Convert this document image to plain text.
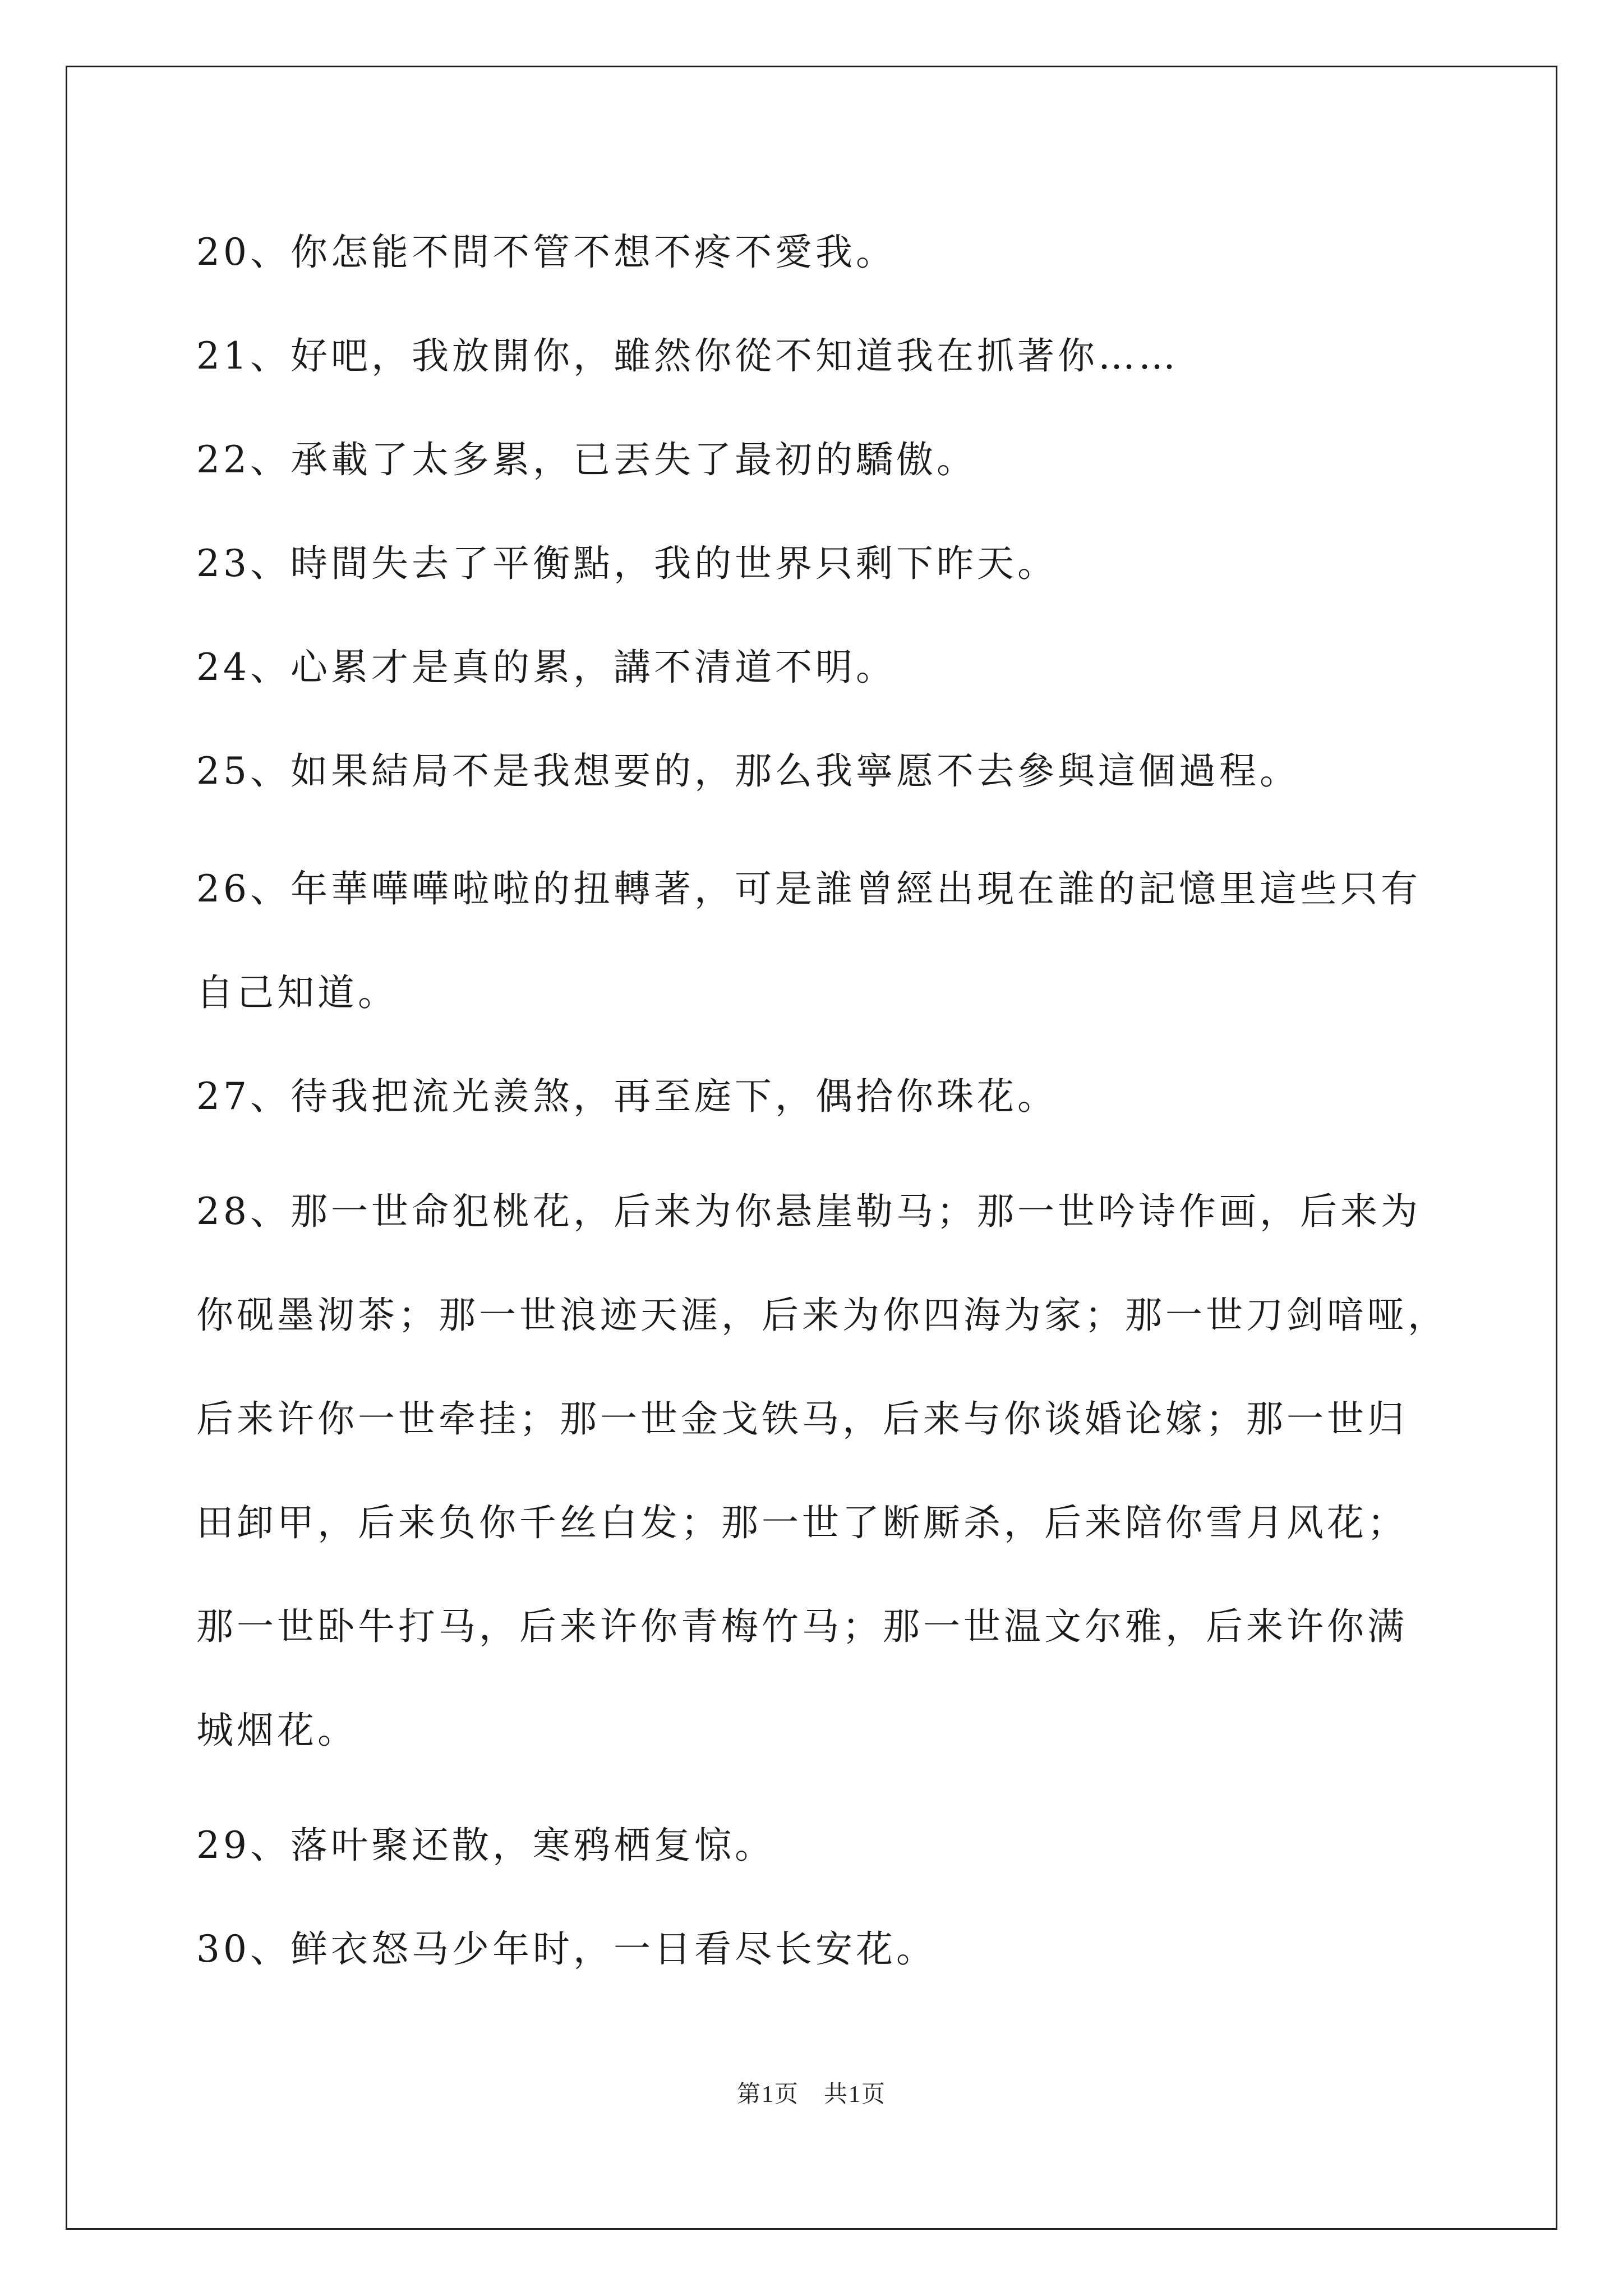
20、你怎能不問不管不想不疼不愛我。
21、好吧，我放開你，雖然你從不知道我在抓著你……
22、承載了太多累，已丟失了最初的驕傲。
23、時間失去了平衡點，我的世界只剩下昨天。
24、心累才是真的累，講不清道不明。
25、如果結局不是我想要的，那么我寧愿不去參與這個過程。
26、年華嘩嘩啦啦的扭轉著，可是誰曾經出現在誰的記憶里這些只有
自己知道。
27、待我把流光羨煞，再至庭下，偶拾你珠花。
28、那一世命犯桃花，后来为你悬崖勒马；那一世吟诗作画，后来为
你砚墨沏茶；那一世浪迹天涯，后来为你四海为家；那一世刀剑喑哑，
后来许你一世牵挂；那一世金戈铁马，后来与你谈婚论嫁；那一世归
田卸甲，后来负你千丝白发；那一世了断厮杀，后来陪你雪月风花；
那一世卧牛打马，后来许你青梅竹马；那一世温文尔雅，后来许你满
城烟花。
29、落叶聚还散，寒鸦栖复惊。
30、鲜衣怒马少年时，一日看尽长安花。
第1页　共1页
